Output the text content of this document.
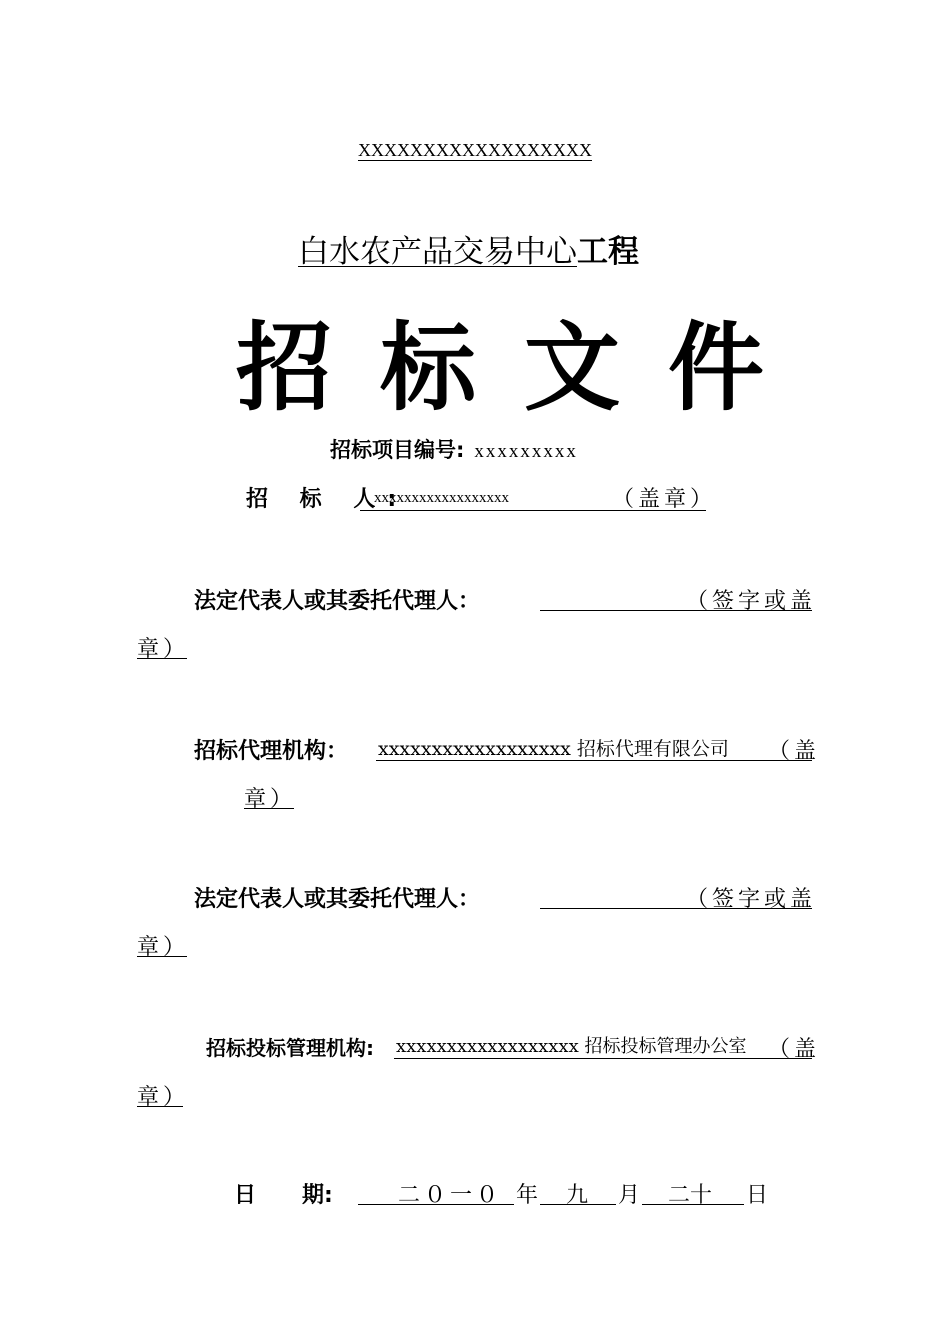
XXXXXXXXXXXXXXXXXX

白水农产品交易中心工程
招标文件
招标项目编号: xxxxxxxxx
招 标 人:
xxxxxxxxxxxxxxxxxx	（盖章）
法定代表人或其委托代理人：	（签字或盖
章）
招标代理机构： xxxxxxxxxxxxxxxxxx 招标代理有限公司 （盖
章）
法定代表人或其委托代理人：	（签字或盖
章）
招标投标管理机构: xxxxxxxxxxxxxxxxxx 招标投标管理办公室 （盖
章）
日      期:	二０一０ 年 九 月 二十 日
